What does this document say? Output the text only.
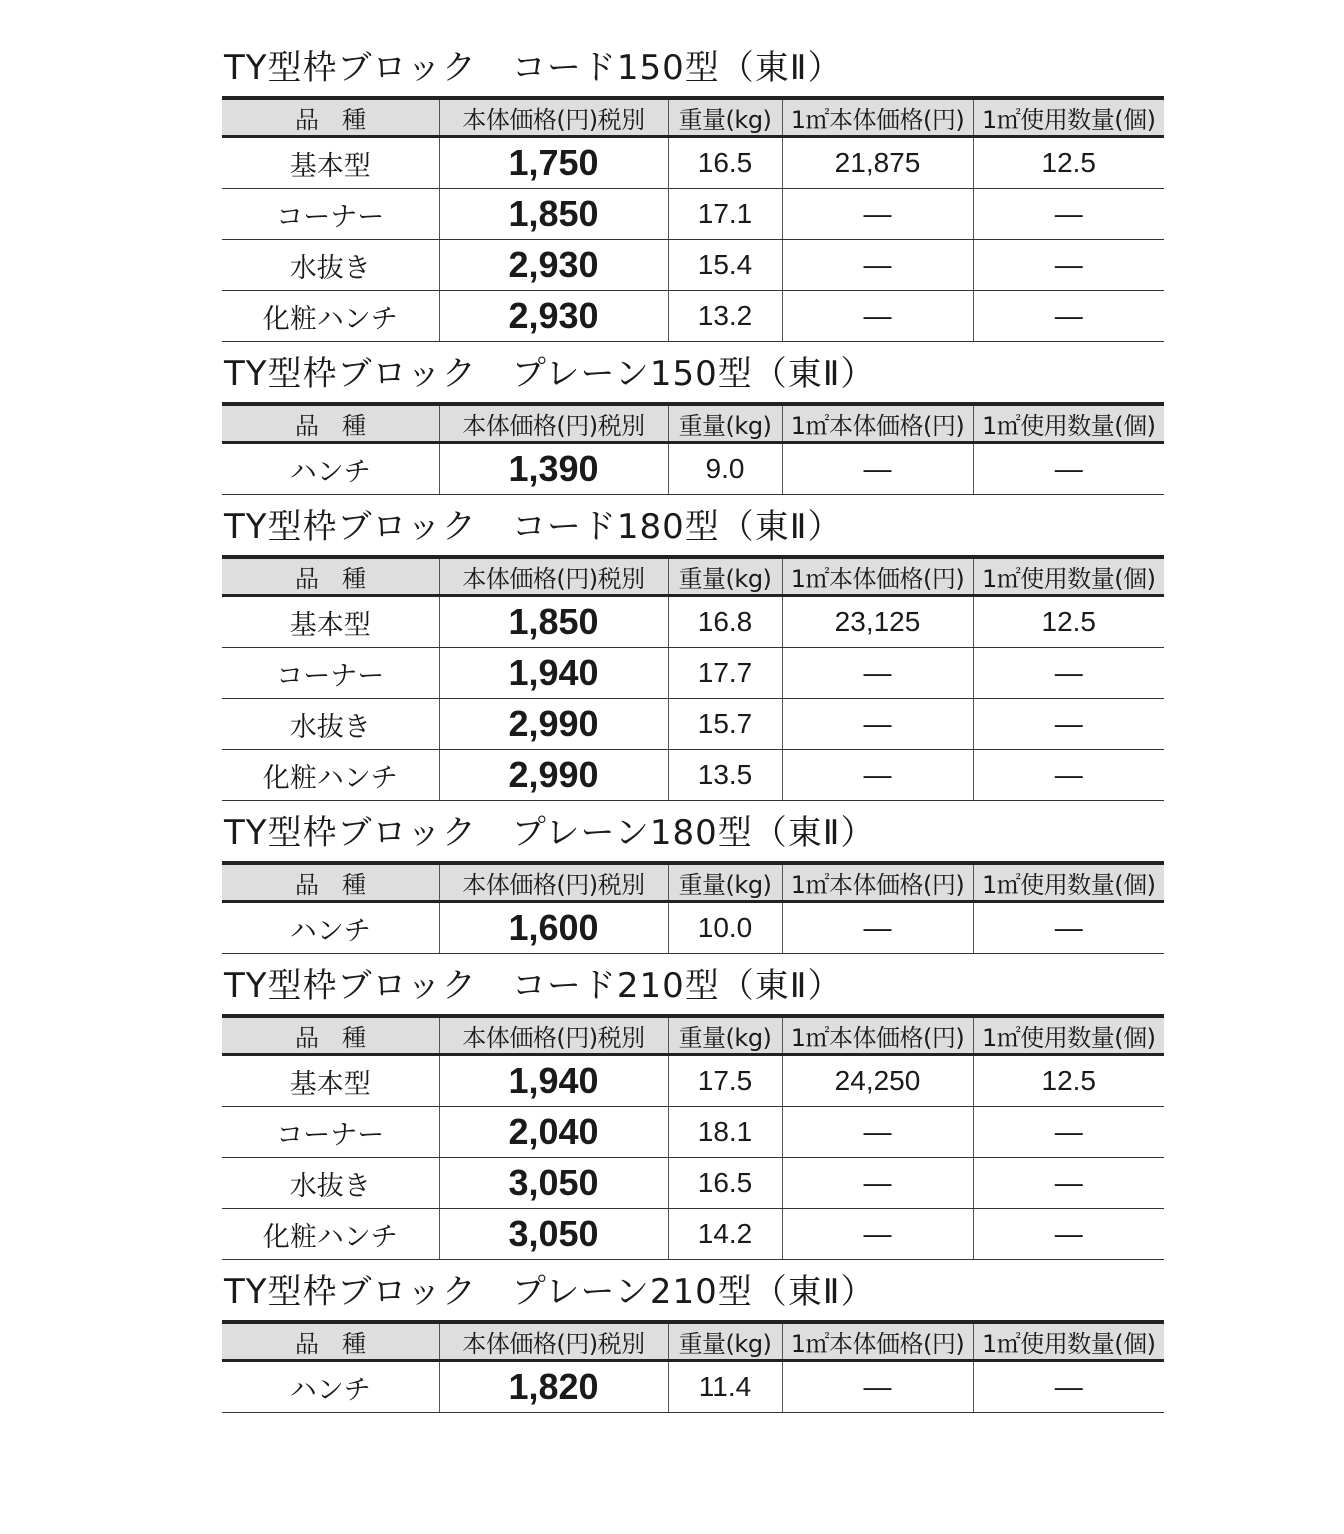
TY型枠ブロック　コード150型（東Ⅱ）
品　種	本体価格(円)税別	重量(kg)	1㎡本体価格(円)	1㎡使用数量(個)
基本型	1,750	16.5	21,875	12.5
コーナー	1,850	17.1	—	—
水抜き	2,930	15.4	—	—
化粧ハンチ	2,930	13.2	—	—
TY型枠ブロック　プレーン150型（東Ⅱ）
品　種	本体価格(円)税別	重量(kg)	1㎡本体価格(円)	1㎡使用数量(個)
ハンチ	1,390	9.0	—	—
TY型枠ブロック　コード180型（東Ⅱ）
品　種	本体価格(円)税別	重量(kg)	1㎡本体価格(円)	1㎡使用数量(個)
基本型	1,850	16.8	23,125	12.5
コーナー	1,940	17.7	—	—
水抜き	2,990	15.7	—	—
化粧ハンチ	2,990	13.5	—	—
TY型枠ブロック　プレーン180型（東Ⅱ）
品　種	本体価格(円)税別	重量(kg)	1㎡本体価格(円)	1㎡使用数量(個)
ハンチ	1,600	10.0	—	—
TY型枠ブロック　コード210型（東Ⅱ）
品　種	本体価格(円)税別	重量(kg)	1㎡本体価格(円)	1㎡使用数量(個)
基本型	1,940	17.5	24,250	12.5
コーナー	2,040	18.1	—	—
水抜き	3,050	16.5	—	—
化粧ハンチ	3,050	14.2	—	—
TY型枠ブロック　プレーン210型（東Ⅱ）
品　種	本体価格(円)税別	重量(kg)	1㎡本体価格(円)	1㎡使用数量(個)
ハンチ	1,820	11.4	—	—
